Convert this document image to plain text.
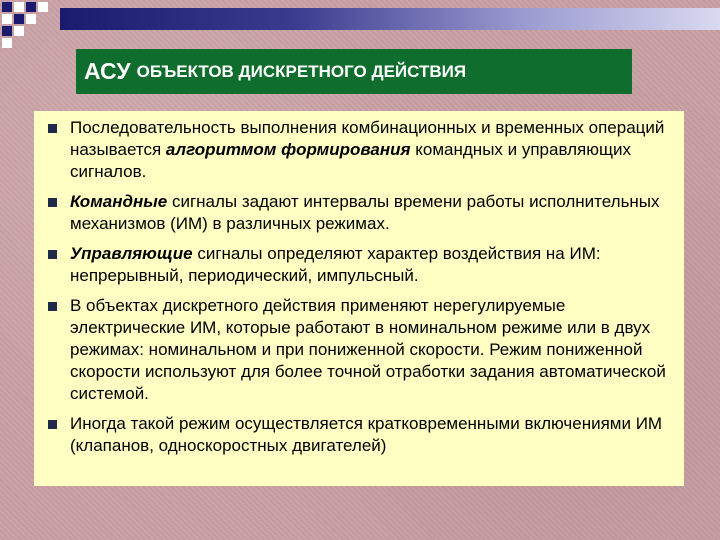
АСУ ОБЪЕКТОВ ДИСКРЕТНОГО ДЕЙСТВИЯ
Последовательность выполнения комбинационных и временных операций называется алгоритмом формирования командных и управляющих сигналов.
Командные сигналы задают интервалы времени работы исполнительных механизмов (ИМ) в различных режимах.
Управляющие сигналы определяют характер воздействия на ИМ: непрерывный, периодический, импульсный.
В объектах дискретного действия применяют нерегулируемые электрические ИМ, которые работают в номинальном режиме или в двух режимах: номинальном и при пониженной скорости. Режим пониженной скорости используют для более точной отработки задания автоматической системой.
Иногда такой режим осуществляется кратковременными включениями ИМ (клапанов, односкоростных двигателей)
